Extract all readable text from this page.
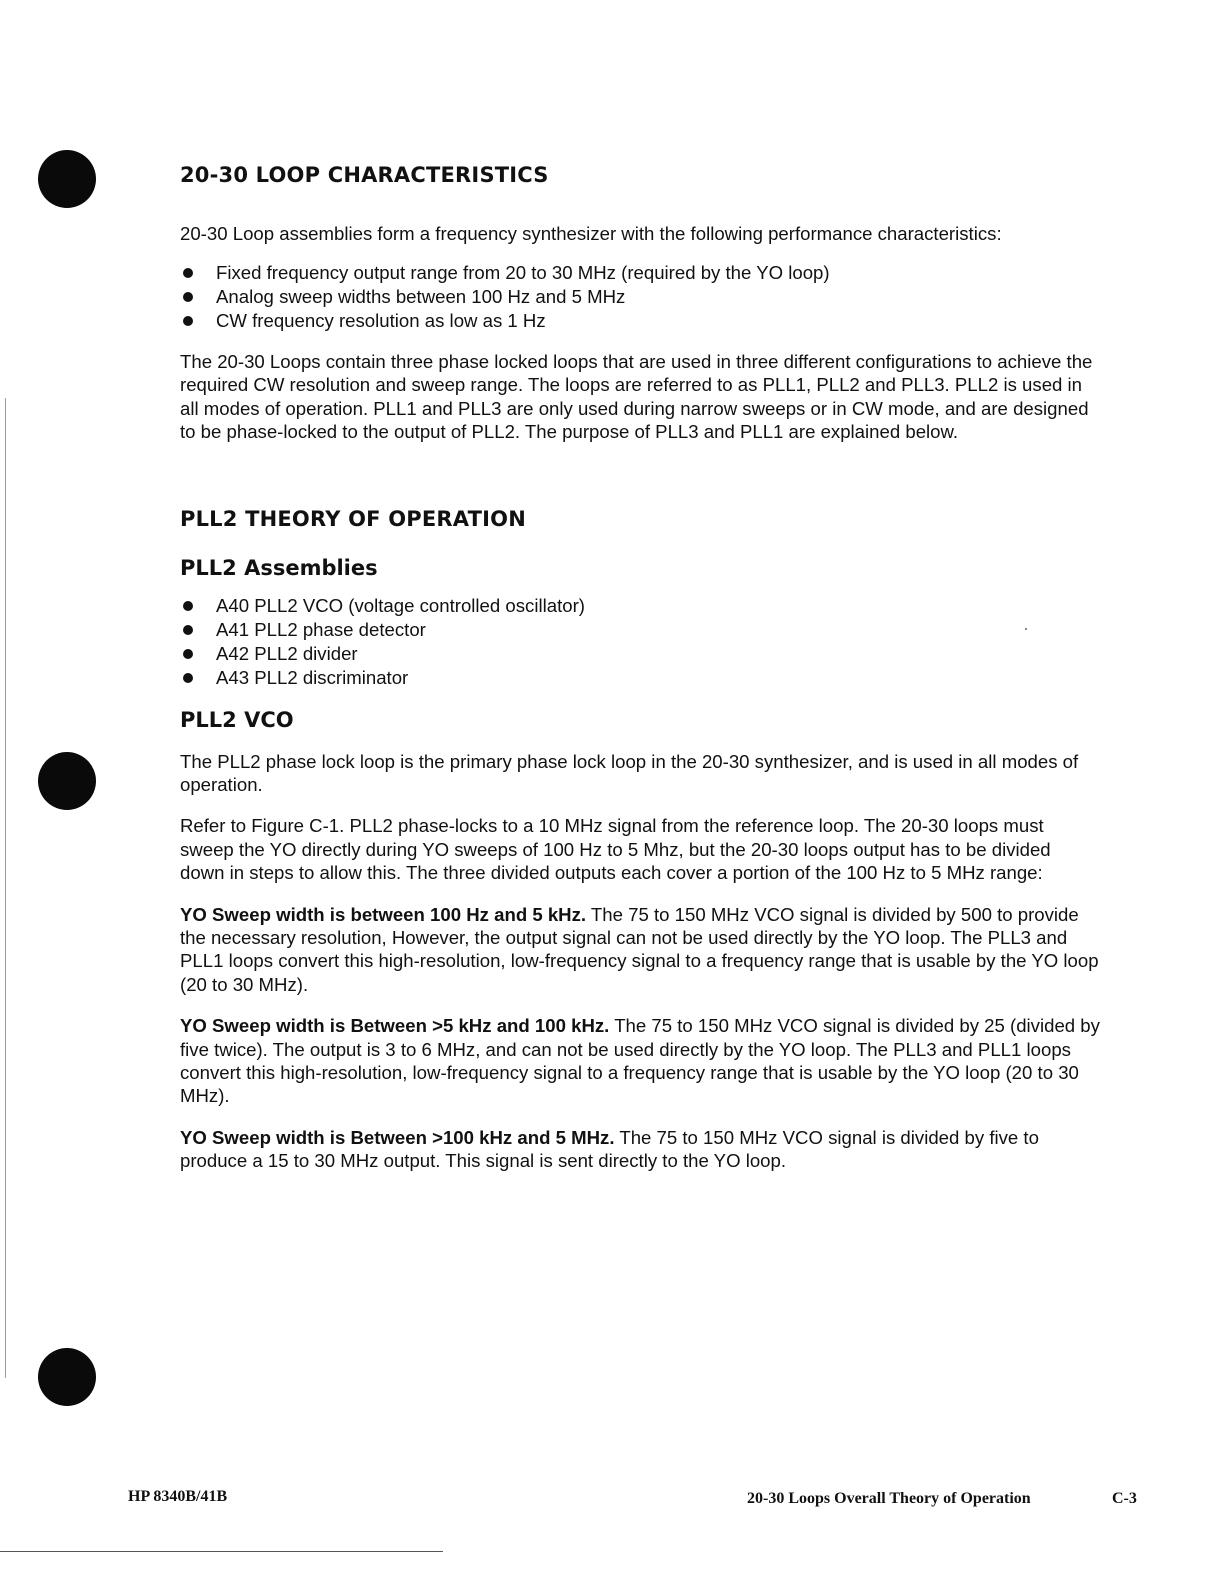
20-30 LOOP CHARACTERISTICS

20-30 Loop assemblies form a frequency synthesizer with the following performance characteristics:

Fixed frequency output range from 20 to 30 MHz (required by the YO loop)
Analog sweep widths between 100 Hz and 5 MHz
CW frequency resolution as low as 1 Hz

The 20-30 Loops contain three phase locked loops that are used in three different configurations to achieve the required CW resolution and sweep range. The loops are referred to as PLL1, PLL2 and PLL3. PLL2 is used in all modes of operation. PLL1 and PLL3 are only used during narrow sweeps or in CW mode, and are designed to be phase-locked to the output of PLL2. The purpose of PLL3 and PLL1 are explained below.

PLL2 THEORY OF OPERATION
PLL2 Assemblies
A40 PLL2 VCO (voltage controlled oscillator)
A41 PLL2 phase detector
A42 PLL2 divider
A43 PLL2 discriminator
PLL2 VCO

The PLL2 phase lock loop is the primary phase lock loop in the 20-30 synthesizer, and is used in all modes of operation.

Refer to Figure C-1. PLL2 phase-locks to a 10 MHz signal from the reference loop. The 20-30 loops must sweep the YO directly during YO sweeps of 100 Hz to 5 Mhz, but the 20-30 loops output has to be divided down in steps to allow this. The three divided outputs each cover a portion of the 100 Hz to 5 MHz range:

YO Sweep width is between 100 Hz and 5 kHz. The 75 to 150 MHz VCO signal is divided by 500 to provide the necessary resolution, However, the output signal can not be used directly by the YO loop. The PLL3 and PLL1 loops convert this high-resolution, low-frequency signal to a frequency range that is usable by the YO loop (20 to 30 MHz).

YO Sweep width is Between >5 kHz and 100 kHz. The 75 to 150 MHz VCO signal is divided by 25 (divided by five twice). The output is 3 to 6 MHz, and can not be used directly by the YO loop. The PLL3 and PLL1 loops convert this high-resolution, low-frequency signal to a frequency range that is usable by the YO loop (20 to 30 MHz).

YO Sweep width is Between >100 kHz and 5 MHz. The 75 to 150 MHz VCO signal is divided by five to produce a 15 to 30 MHz output. This signal is sent directly to the YO loop.

HP 8340B/41B	20-30 Loops Overall Theory of Operation	C-3
